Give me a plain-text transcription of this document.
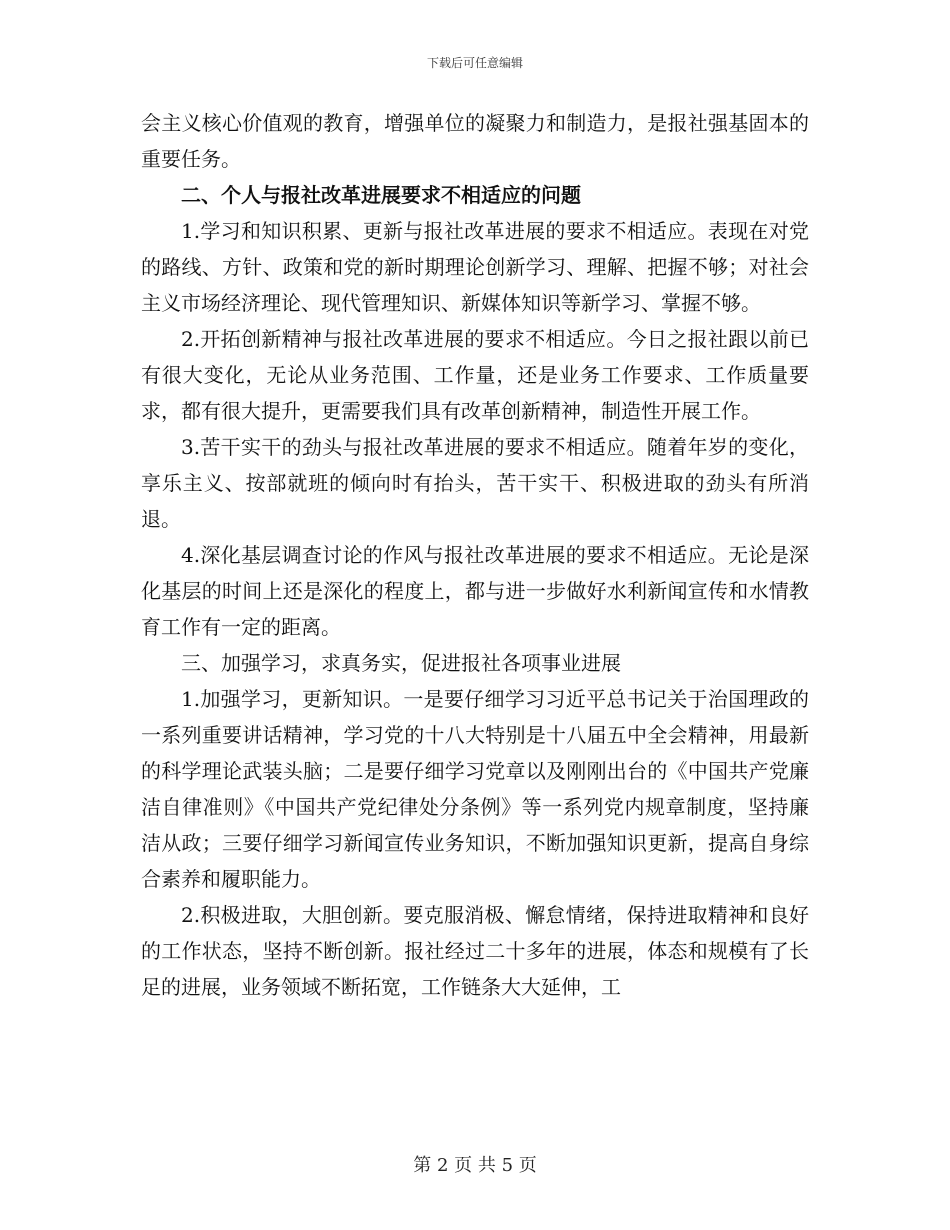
下载后可任意编辑

会主义核心价值观的教育，增强单位的凝聚力和制造力，是报社强基固本的重要任务。

二、个人与报社改革进展要求不相适应的问题

1.学习和知识积累、更新与报社改革进展的要求不相适应。表现在对党的路线、方针、政策和党的新时期理论创新学习、理解、把握不够；对社会主义市场经济理论、现代管理知识、新媒体知识等新学习、掌握不够。

2.开拓创新精神与报社改革进展的要求不相适应。今日之报社跟以前已有很大变化，无论从业务范围、工作量，还是业务工作要求、工作质量要求，都有很大提升，更需要我们具有改革创新精神，制造性开展工作。

3.苦干实干的劲头与报社改革进展的要求不相适应。随着年岁的变化，享乐主义、按部就班的倾向时有抬头，苦干实干、积极进取的劲头有所消退。

4.深化基层调查讨论的作风与报社改革进展的要求不相适应。无论是深化基层的时间上还是深化的程度上，都与进一步做好水利新闻宣传和水情教育工作有一定的距离。

三、加强学习，求真务实，促进报社各项事业进展

1.加强学习，更新知识。一是要仔细学习习近平总书记关于治国理政的一系列重要讲话精神，学习党的十八大特别是十八届五中全会精神，用最新的科学理论武装头脑；二是要仔细学习党章以及刚刚出台的《中国共产党廉洁自律准则》《中国共产党纪律处分条例》等一系列党内规章制度，坚持廉洁从政；三要仔细学习新闻宣传业务知识，不断加强知识更新，提高自身综合素养和履职能力。

2.积极进取，大胆创新。要克服消极、懈怠情绪，保持进取精神和良好的工作状态，坚持不断创新。报社经过二十多年的进展，体态和规模有了长足的进展，业务领域不断拓宽，工作链条大大延伸，工

第 2 页 共 5 页
